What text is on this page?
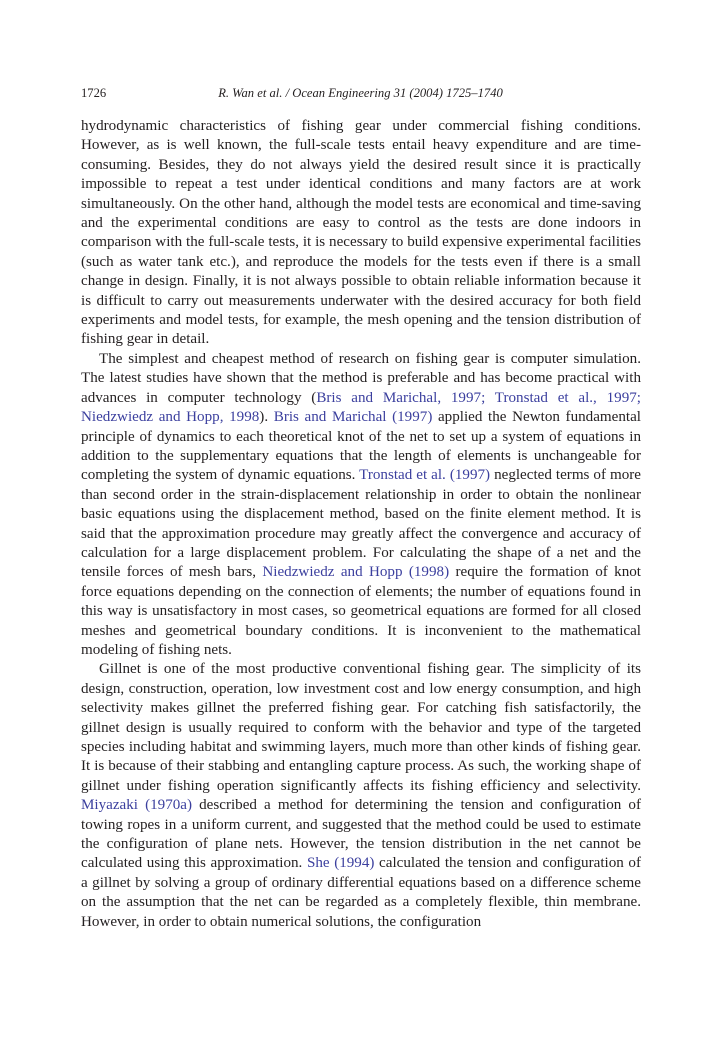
1726	R. Wan et al. / Ocean Engineering 31 (2004) 1725–1740

hydrodynamic characteristics of fishing gear under commercial fishing conditions. However, as is well known, the full-scale tests entail heavy expenditure and are time-consuming. Besides, they do not always yield the desired result since it is practically impossible to repeat a test under identical conditions and many factors are at work simultaneously. On the other hand, although the model tests are economical and time-saving and the experimental conditions are easy to control as the tests are done indoors in comparison with the full-scale tests, it is necessary to build expensive experimental facilities (such as water tank etc.), and reproduce the models for the tests even if there is a small change in design. Finally, it is not always possible to obtain reliable information because it is difficult to carry out measurements underwater with the desired accuracy for both field experiments and model tests, for example, the mesh opening and the tension distribution of fishing gear in detail.

The simplest and cheapest method of research on fishing gear is computer simulation. The latest studies have shown that the method is preferable and has become practical with advances in computer technology (Bris and Marichal, 1997; Tronstad et al., 1997; Niedzwiedz and Hopp, 1998). Bris and Marichal (1997) applied the Newton fundamental principle of dynamics to each theoretical knot of the net to set up a system of equations in addition to the supplementary equations that the length of elements is unchangeable for completing the system of dynamic equations. Tronstad et al. (1997) neglected terms of more than second order in the strain-displacement relationship in order to obtain the nonlinear basic equations using the displacement method, based on the finite element method. It is said that the approximation procedure may greatly affect the convergence and accuracy of calculation for a large displacement problem. For calculating the shape of a net and the tensile forces of mesh bars, Niedzwiedz and Hopp (1998) require the formation of knot force equations depending on the connection of elements; the number of equations found in this way is unsatisfactory in most cases, so geometrical equations are formed for all closed meshes and geometrical boundary conditions. It is inconvenient to the mathematical modeling of fishing nets.

Gillnet is one of the most productive conventional fishing gear. The simplicity of its design, construction, operation, low investment cost and low energy consumption, and high selectivity makes gillnet the preferred fishing gear. For catching fish satisfactorily, the gillnet design is usually required to conform with the behavior and type of the targeted species including habitat and swimming layers, much more than other kinds of fishing gear. It is because of their stabbing and entangling capture process. As such, the working shape of gillnet under fishing operation significantly affects its fishing efficiency and selectivity. Miyazaki (1970a) described a method for determining the tension and configuration of towing ropes in a uniform current, and suggested that the method could be used to estimate the configuration of plane nets. However, the tension distribution in the net cannot be calculated using this approximation. She (1994) calculated the tension and configuration of a gillnet by solving a group of ordinary differential equations based on a difference scheme on the assumption that the net can be regarded as a completely flexible, thin membrane. However, in order to obtain numerical solutions, the configuration
